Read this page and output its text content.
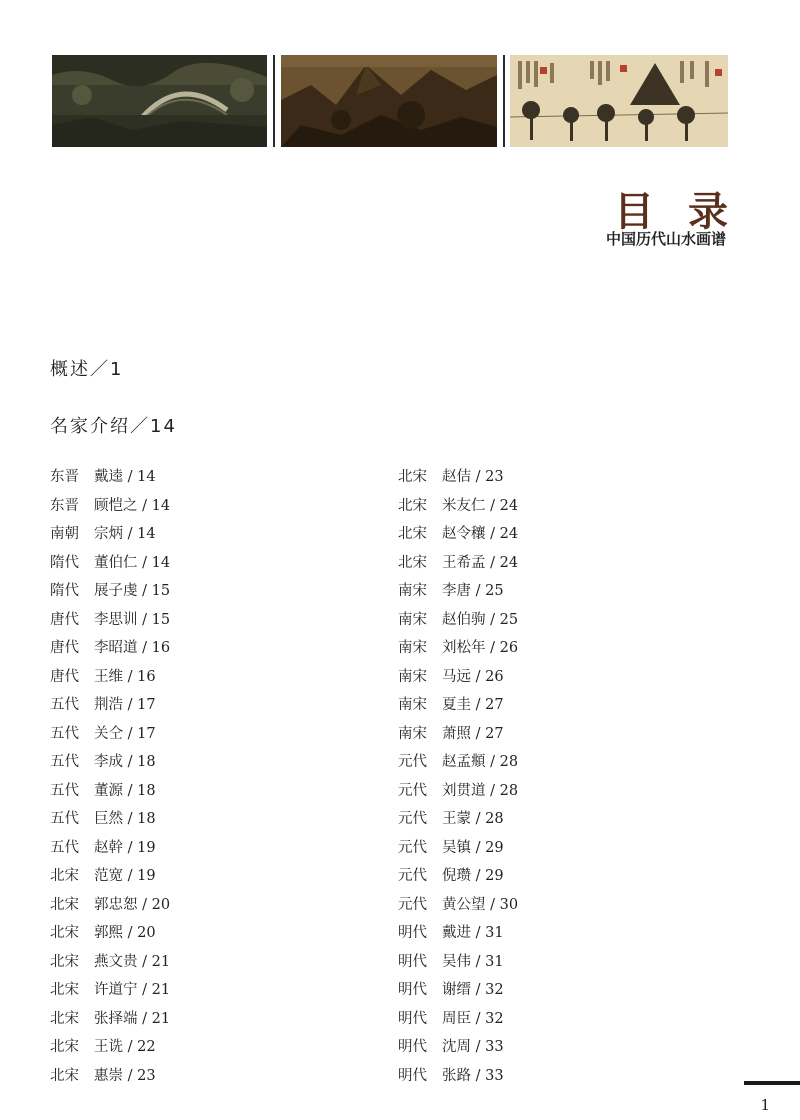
目录
中国历代山水画谱
概述／1
名家介绍／14
东晋 戴逵 / 14
东晋 顾恺之 / 14
南朝 宗炳 / 14
隋代 董伯仁 / 14
隋代 展子虔 / 15
唐代 李思训 / 15
唐代 李昭道 / 16
唐代 王维 / 16
五代 荆浩 / 17
五代 关仝 / 17
五代 李成 / 18
五代 董源 / 18
五代 巨然 / 18
五代 赵幹 / 19
北宋 范宽 / 19
北宋 郭忠恕 / 20
北宋 郭熙 / 20
北宋 燕文贵 / 21
北宋 许道宁 / 21
北宋 张择端 / 21
北宋 王诜 / 22
北宋 惠崇 / 23
北宋 赵佶 / 23
北宋 米友仁 / 24
北宋 赵令穰 / 24
北宋 王希孟 / 24
南宋 李唐 / 25
南宋 赵伯驹 / 25
南宋 刘松年 / 26
南宋 马远 / 26
南宋 夏圭 / 27
南宋 萧照 / 27
元代 赵孟頫 / 28
元代 刘贯道 / 28
元代 王蒙 / 28
元代 吴镇 / 29
元代 倪瓒 / 29
元代 黄公望 / 30
明代 戴进 / 31
明代 吴伟 / 31
明代 谢缙 / 32
明代 周臣 / 32
明代 沈周 / 33
明代 张路 / 33
1
